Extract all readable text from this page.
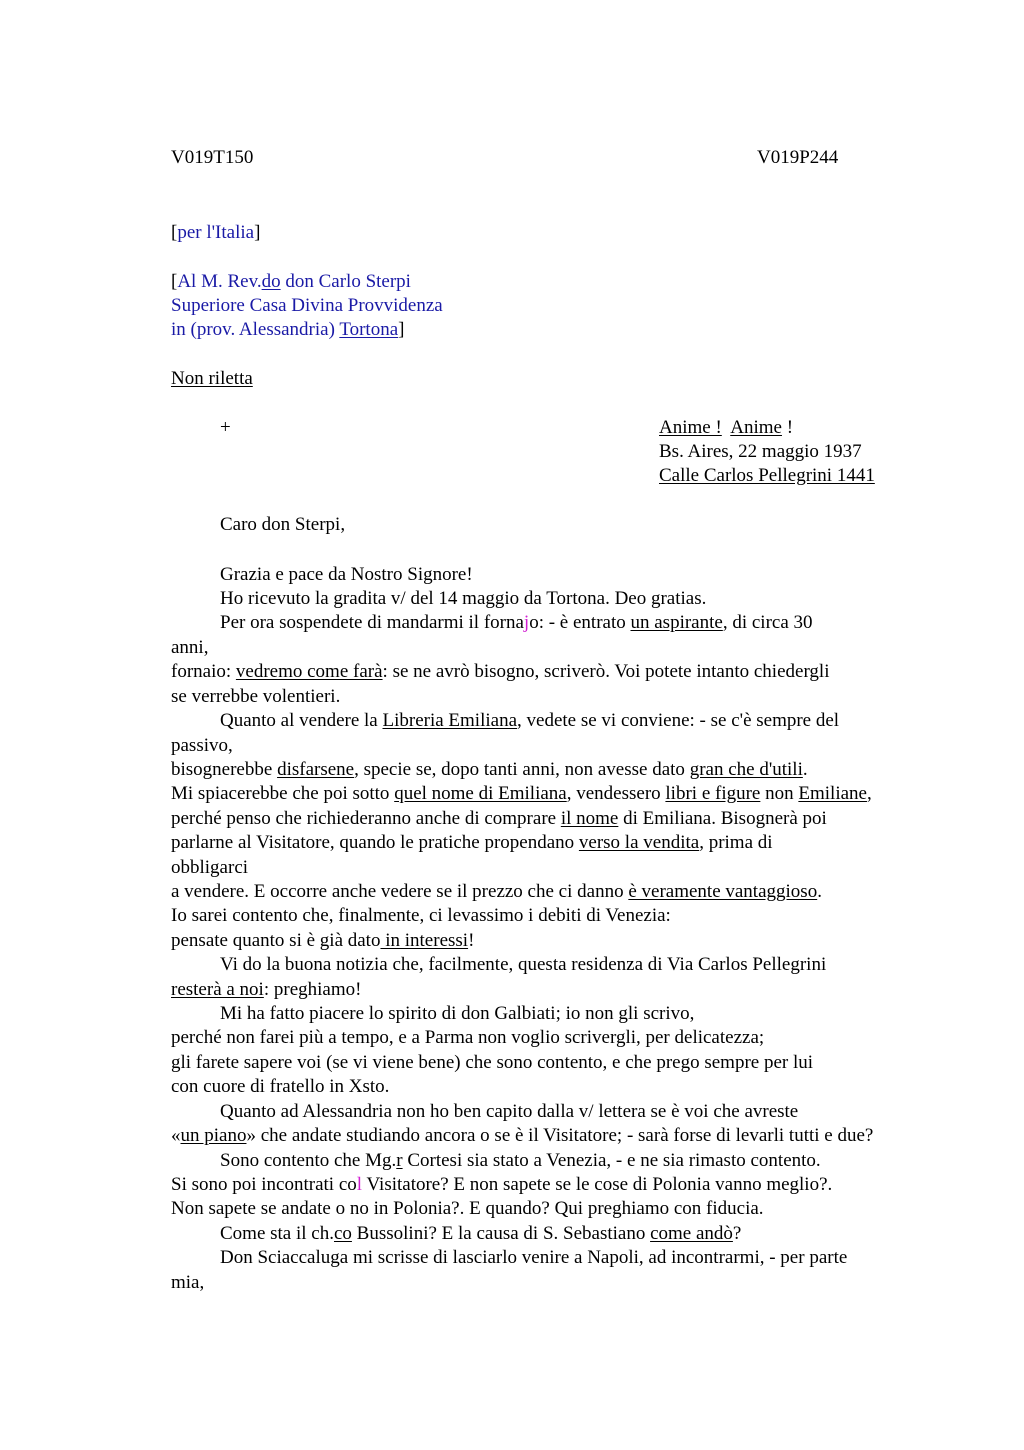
V019T150	V019P244
[per l'Italia]
[Al M. Rev.do don Carlo Sterpi
Superiore Casa Divina Provvidenza
in (prov. Alessandria) Tortona]
Non riletta
+	Anime ! Anime !
Bs. Aires, 22 maggio 1937
Calle Carlos Pellegrini 1441
Caro don Sterpi,
Grazia e pace da Nostro Signore!
Ho ricevuto la gradita v/ del 14 maggio da Tortona. Deo gratias.
Per ora sospendete di mandarmi il fornajo: - è entrato un aspirante, di circa 30
anni,
fornaio: vedremo come farà: se ne avrò bisogno, scriverò. Voi potete intanto chiedergli
se verrebbe volentieri.
Quanto al vendere la Libreria Emiliana, vedete se vi conviene: - se c'è sempre del
passivo,
bisognerebbe disfarsene, specie se, dopo tanti anni, non avesse dato gran che d'utili.
Mi spiacerebbe che poi sotto quel nome di Emiliana, vendessero libri e figure non Emiliane,
perché penso che richiederanno anche di comprare il nome di Emiliana. Bisognerà poi
parlarne al Visitatore, quando le pratiche propendano verso la vendita, prima di
obbligarci
a vendere. E occorre anche vedere se il prezzo che ci danno è veramente vantaggioso.
Io sarei contento che, finalmente, ci levassimo i debiti di Venezia:
pensate quanto si è già dato in interessi!
Vi do la buona notizia che, facilmente, questa residenza di Via Carlos Pellegrini
resterà a noi: preghiamo!
Mi ha fatto piacere lo spirito di don Galbiati; io non gli scrivo,
perché non farei più a tempo, e a Parma non voglio scrivergli, per delicatezza;
gli farete sapere voi (se vi viene bene) che sono contento, e che prego sempre per lui
con cuore di fratello in Xsto.
Quanto ad Alessandria non ho ben capito dalla v/ lettera se è voi che avreste
«un piano» che andate studiando ancora o se è il Visitatore; - sarà forse di levarli tutti e due?
Sono contento che Mg.r Cortesi sia stato a Venezia, - e ne sia rimasto contento.
Si sono poi incontrati col Visitatore? E non sapete se le cose di Polonia vanno meglio?.
Non sapete se andate o no in Polonia?. E quando? Qui preghiamo con fiducia.
Come sta il ch.co Bussolini? E la causa di S. Sebastiano come andò?
Don Sciaccaluga mi scrisse di lasciarlo venire a Napoli, ad incontrarmi, - per parte
mia,
